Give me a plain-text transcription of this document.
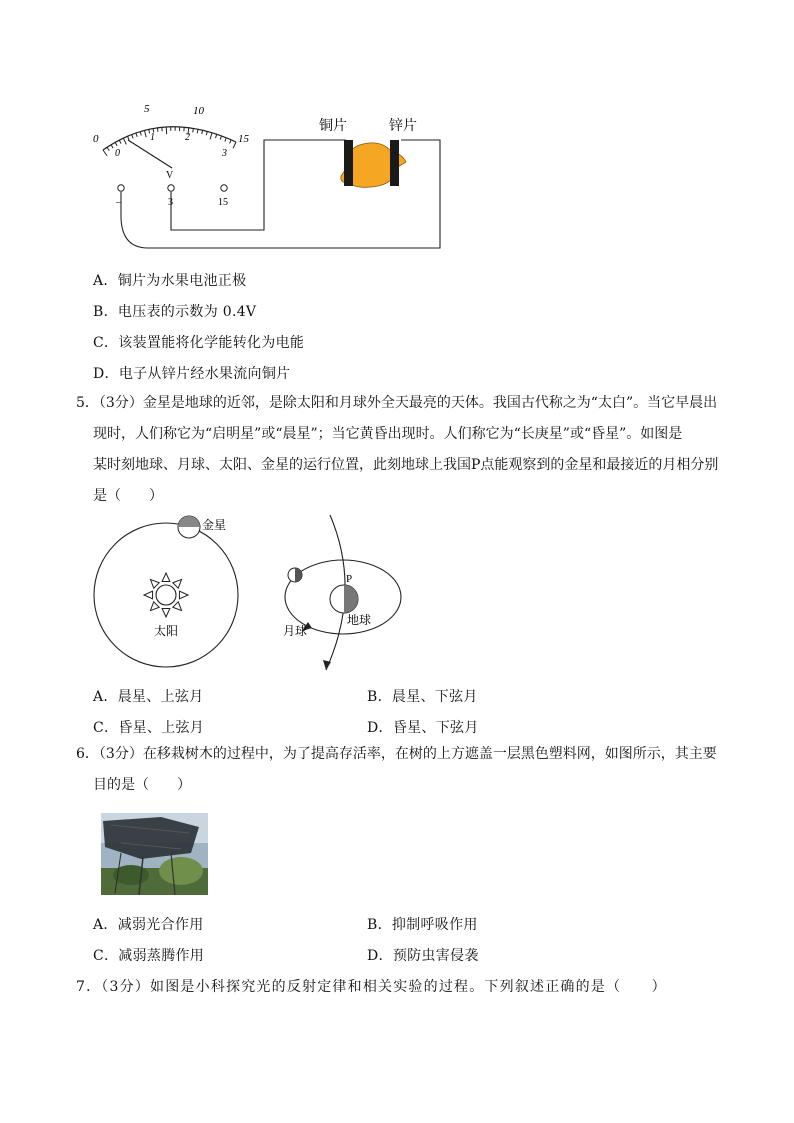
0
5	10
15
0
1	2
3
V
–	3	15
铜片	锌片
A．铜片为水果电池正极
B．电压表的示数为 0.4V
C．该装置能将化学能转化为电能
D．电子从锌片经水果流向铜片
5．（3分）金星是地球的近邻，是除太阳和月球外全天最亮的天体。我国古代称之为“太白”。当它早晨出
现时，人们称它为“启明星”或“晨星”；当它黄昏出现时。人们称它为“长庚星”或“昏星”。如图是
某时刻地球、月球、太阳、金星的运行位置，此刻地球上我国P点能观察到的金星和最接近的月相分别
是（　　）
金星
太阳
P
地球
月球
A．晨星、上弦月	B．晨星、下弦月
C．昏星、上弦月	D．昏星、下弦月
6．（3分）在移栽树木的过程中，为了提高存活率，在树的上方遮盖一层黑色塑料网，如图所示，其主要
目的是（　　）
A．减弱光合作用	B．抑制呼吸作用
C．减弱蒸腾作用	D．预防虫害侵袭
7．（3分）如图是小科探究光的反射定律和相关实验的过程。下列叙述正确的是（　　）
